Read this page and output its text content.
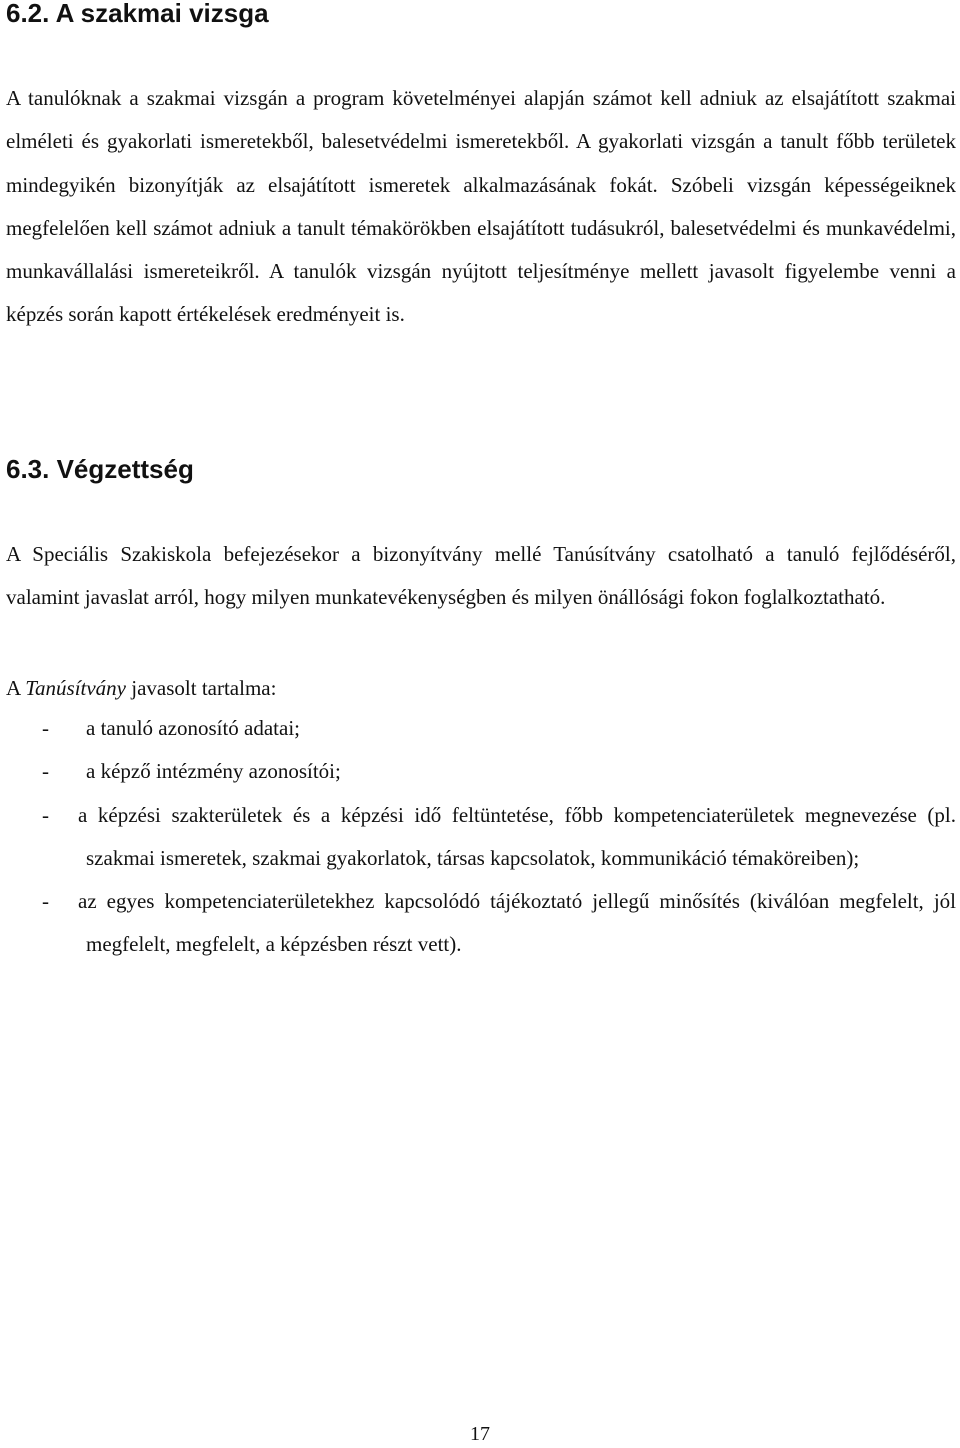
6.2. A szakmai vizsga

A tanulóknak a szakmai vizsgán a program követelményei alapján számot kell adniuk az elsajátított szakmai elméleti és gyakorlati ismeretekből, balesetvédelmi ismeretekből. A gyakorlati vizsgán a tanult főbb területek mindegyikén bizonyítják az elsajátított ismeretek alkalmazásának fokát. Szóbeli vizsgán képességeiknek megfelelően kell számot adniuk a tanult témakörökben elsajátított tudásukról, balesetvédelmi és munkavédelmi, munkavállalási ismereteikről. A tanulók vizsgán nyújtott teljesítménye mellett javasolt figyelembe venni a képzés során kapott értékelések eredményeit is.

6.3. Végzettség

A Speciális Szakiskola befejezésekor a bizonyítvány mellé Tanúsítvány csatolható a tanuló fejlődéséről, valamint javaslat arról, hogy milyen munkatevékenységben és milyen önállósági fokon foglalkoztatható.

A Tanúsítvány javasolt tartalma:

- a tanuló azonosító adatai;
- a képző intézmény azonosítói;
- a képzési szakterületek és a képzési idő feltüntetése, főbb kompetenciaterületek megnevezése (pl. szakmai ismeretek, szakmai gyakorlatok, társas kapcsolatok, kommunikáció témaköreiben);
- az egyes kompetenciaterületekhez kapcsolódó tájékoztató jellegű minősítés (kiválóan megfelelt, jól megfelelt, megfelelt, a képzésben részt vett).
17
